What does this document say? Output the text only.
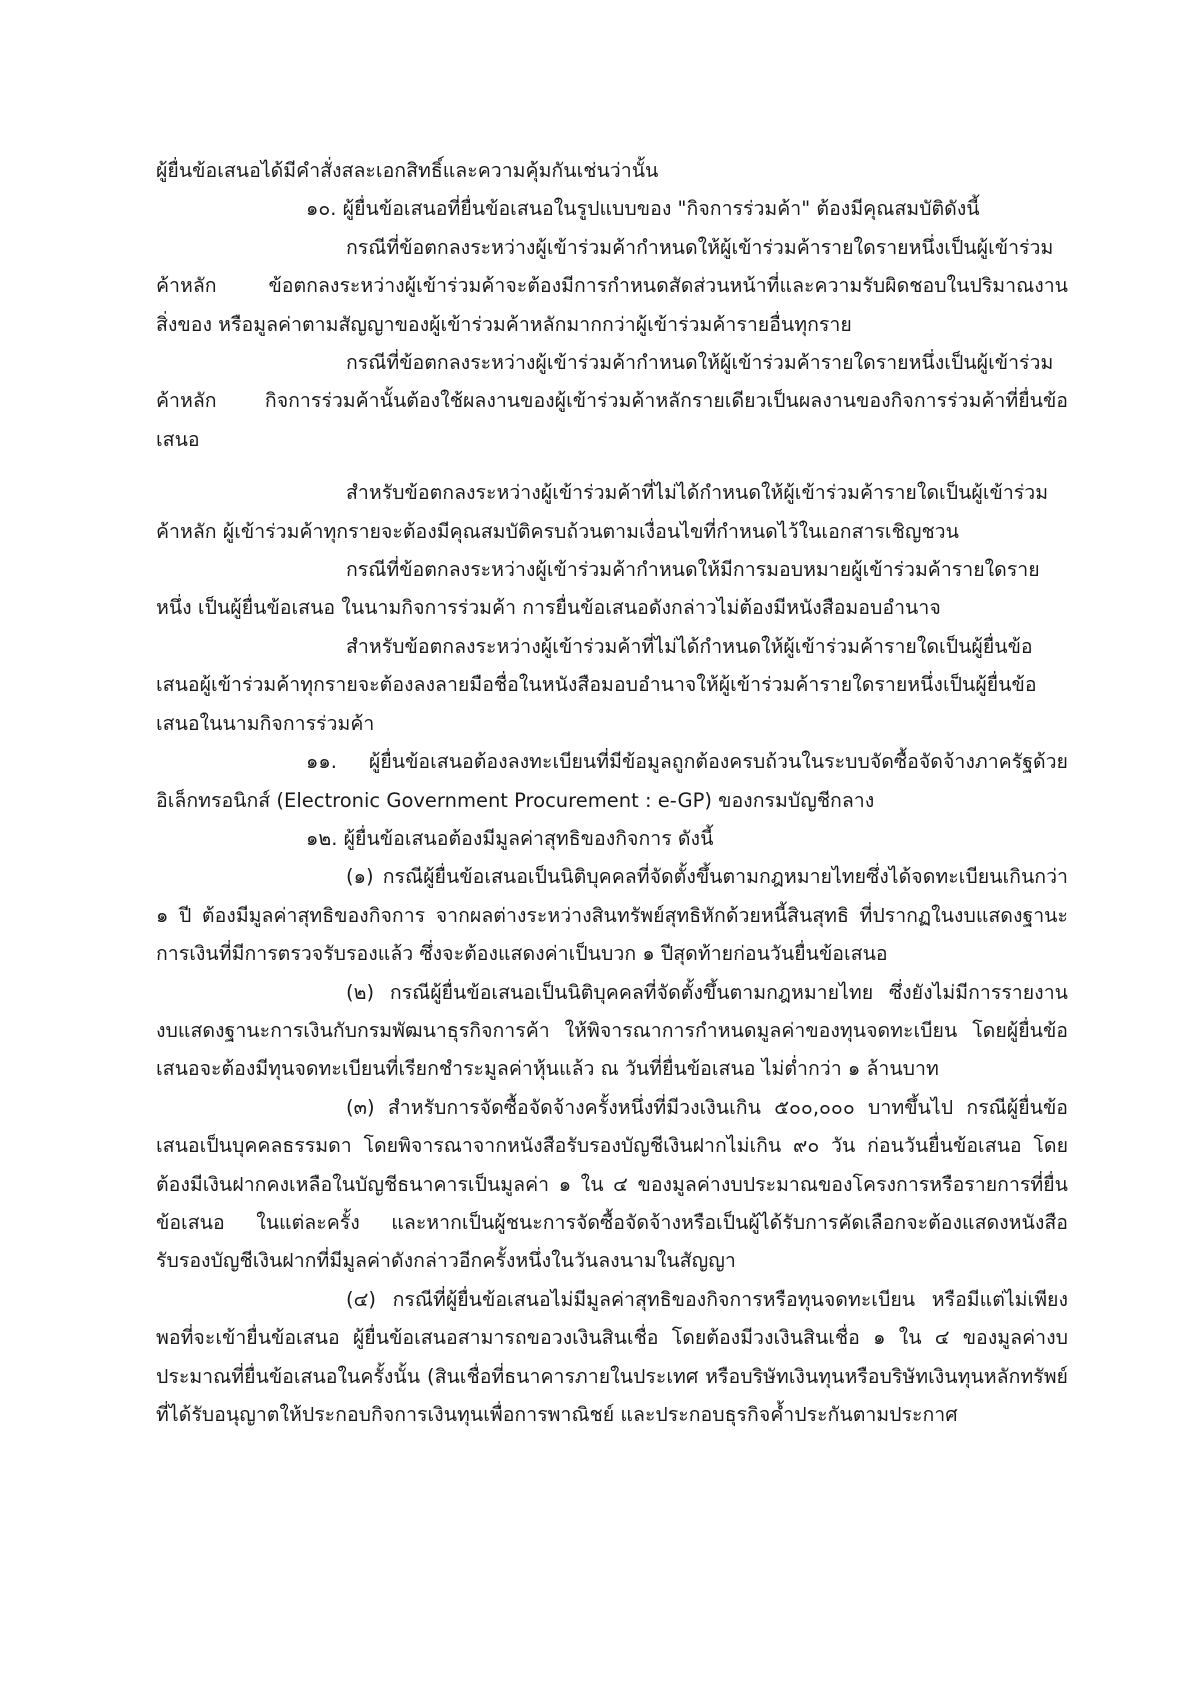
ผู้ยื่นข้อเสนอได้มีคำสั่งสละเอกสิทธิ์และความคุ้มกันเช่นว่านั้น

๑๐. ผู้ยื่นข้อเสนอที่ยื่นข้อเสนอในรูปแบบของ "กิจการร่วมค้า" ต้องมีคุณสมบัติดังนี้

กรณีที่ข้อตกลงระหว่างผู้เข้าร่วมค้ากำหนดให้ผู้เข้าร่วมค้ารายใดรายหนึ่งเป็นผู้เข้าร่วมค้าหลัก ข้อตกลงระหว่างผู้เข้าร่วมค้าจะต้องมีการกำหนดสัดส่วนหน้าที่และความรับผิดชอบในปริมาณงาน สิ่งของ หรือมูลค่าตามสัญญาของผู้เข้าร่วมค้าหลักมากกว่าผู้เข้าร่วมค้ารายอื่นทุกราย

กรณีที่ข้อตกลงระหว่างผู้เข้าร่วมค้ากำหนดให้ผู้เข้าร่วมค้ารายใดรายหนึ่งเป็นผู้เข้าร่วมค้าหลัก กิจการร่วมค้านั้นต้องใช้ผลงานของผู้เข้าร่วมค้าหลักรายเดียวเป็นผลงานของกิจการร่วมค้าที่ยื่นข้อเสนอ

สำหรับข้อตกลงระหว่างผู้เข้าร่วมค้าที่ไม่ได้กำหนดให้ผู้เข้าร่วมค้ารายใดเป็นผู้เข้าร่วมค้าหลัก ผู้เข้าร่วมค้าทุกรายจะต้องมีคุณสมบัติครบถ้วนตามเงื่อนไขที่กำหนดไว้ในเอกสารเชิญชวน

กรณีที่ข้อตกลงระหว่างผู้เข้าร่วมค้ากำหนดให้มีการมอบหมายผู้เข้าร่วมค้ารายใดรายหนึ่ง เป็นผู้ยื่นข้อเสนอ ในนามกิจการร่วมค้า การยื่นข้อเสนอดังกล่าวไม่ต้องมีหนังสือมอบอำนาจ

สำหรับข้อตกลงระหว่างผู้เข้าร่วมค้าที่ไม่ได้กำหนดให้ผู้เข้าร่วมค้ารายใดเป็นผู้ยื่นข้อเสนอผู้เข้าร่วมค้าทุกรายจะต้องลงลายมือชื่อในหนังสือมอบอำนาจให้ผู้เข้าร่วมค้ารายใดรายหนึ่งเป็นผู้ยื่นข้อเสนอในนามกิจการร่วมค้า

๑๑. ผู้ยื่นข้อเสนอต้องลงทะเบียนที่มีข้อมูลถูกต้องครบถ้วนในระบบจัดซื้อจัดจ้างภาครัฐด้วยอิเล็กทรอนิกส์ (Electronic Government Procurement : e-GP) ของกรมบัญชีกลาง

๑๒. ผู้ยื่นข้อเสนอต้องมีมูลค่าสุทธิของกิจการ ดังนี้

(๑) กรณีผู้ยื่นข้อเสนอเป็นนิติบุคคลที่จัดตั้งขึ้นตามกฎหมายไทยซึ่งได้จดทะเบียนเกินกว่า ๑ ปี ต้องมีมูลค่าสุทธิของกิจการ จากผลต่างระหว่างสินทรัพย์สุทธิหักด้วยหนี้สินสุทธิ ที่ปรากฏในงบแสดงฐานะการเงินที่มีการตรวจรับรองแล้ว ซึ่งจะต้องแสดงค่าเป็นบวก ๑ ปีสุดท้ายก่อนวันยื่นข้อเสนอ

(๒) กรณีผู้ยื่นข้อเสนอเป็นนิติบุคคลที่จัดตั้งขึ้นตามกฎหมายไทย ซึ่งยังไม่มีการรายงานงบแสดงฐานะการเงินกับกรมพัฒนาธุรกิจการค้า ให้พิจารณาการกำหนดมูลค่าของทุนจดทะเบียน โดยผู้ยื่นข้อเสนอจะต้องมีทุนจดทะเบียนที่เรียกชำระมูลค่าหุ้นแล้ว ณ วันที่ยื่นข้อเสนอ ไม่ต่ำกว่า ๑ ล้านบาท

(๓) สำหรับการจัดซื้อจัดจ้างครั้งหนึ่งที่มีวงเงินเกิน ๕๐๐,๐๐๐ บาทขึ้นไป กรณีผู้ยื่นข้อเสนอเป็นบุคคลธรรมดา โดยพิจารณาจากหนังสือรับรองบัญชีเงินฝากไม่เกิน ๙๐ วัน ก่อนวันยื่นข้อเสนอ โดยต้องมีเงินฝากคงเหลือในบัญชีธนาคารเป็นมูลค่า ๑ ใน ๔ ของมูลค่างบประมาณของโครงการหรือรายการที่ยื่นข้อเสนอ ในแต่ละครั้ง และหากเป็นผู้ชนะการจัดซื้อจัดจ้างหรือเป็นผู้ได้รับการคัดเลือกจะต้องแสดงหนังสือรับรองบัญชีเงินฝากที่มีมูลค่าดังกล่าวอีกครั้งหนึ่งในวันลงนามในสัญญา

(๔) กรณีที่ผู้ยื่นข้อเสนอไม่มีมูลค่าสุทธิของกิจการหรือทุนจดทะเบียน หรือมีแต่ไม่เพียงพอที่จะเข้ายื่นข้อเสนอ ผู้ยื่นข้อเสนอสามารถขอวงเงินสินเชื่อ โดยต้องมีวงเงินสินเชื่อ ๑ ใน ๔ ของมูลค่างบประมาณที่ยื่นข้อเสนอในครั้งนั้น (สินเชื่อที่ธนาคารภายในประเทศ หรือบริษัทเงินทุนหรือบริษัทเงินทุนหลักทรัพย์ที่ได้รับอนุญาตให้ประกอบกิจการเงินทุนเพื่อการพาณิชย์ และประกอบธุรกิจค้ำประกันตามประกาศ
